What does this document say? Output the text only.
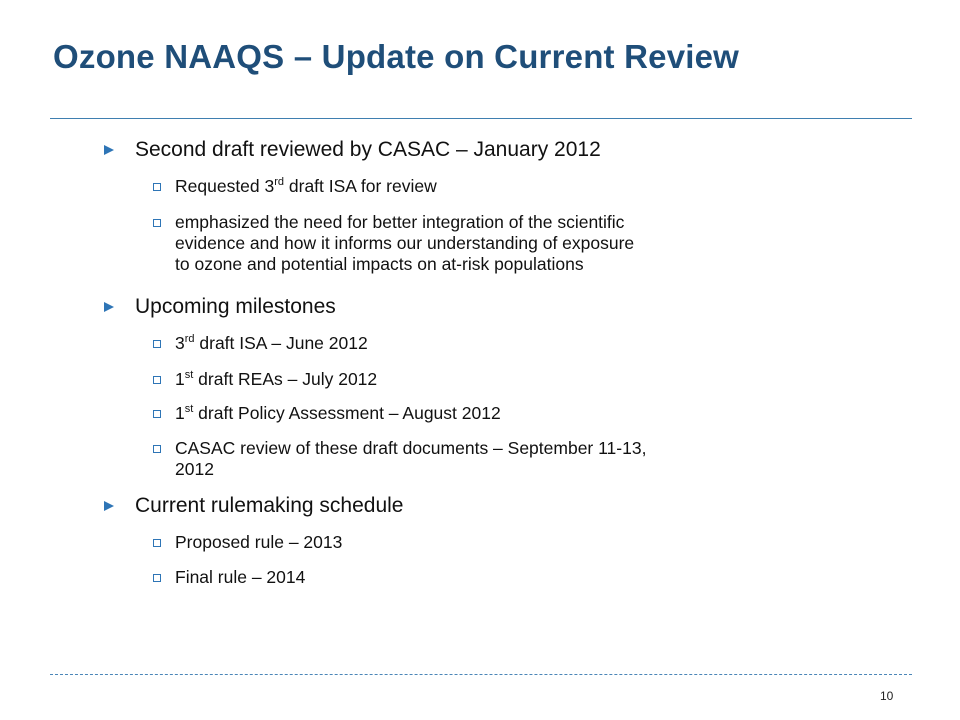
Ozone NAAQS – Update on Current Review
Second draft reviewed by CASAC – January 2012
Requested 3rd draft ISA for review
emphasized the need for better integration of the scientific
evidence and how it informs our understanding of exposure
to ozone and potential impacts on at-risk populations
Upcoming milestones
3rd draft ISA – June 2012
1st draft REAs – July 2012
1st draft Policy Assessment – August 2012
CASAC review of these draft documents – September 11-13,
2012
Current rulemaking schedule
Proposed rule – 2013
Final rule – 2014
10
